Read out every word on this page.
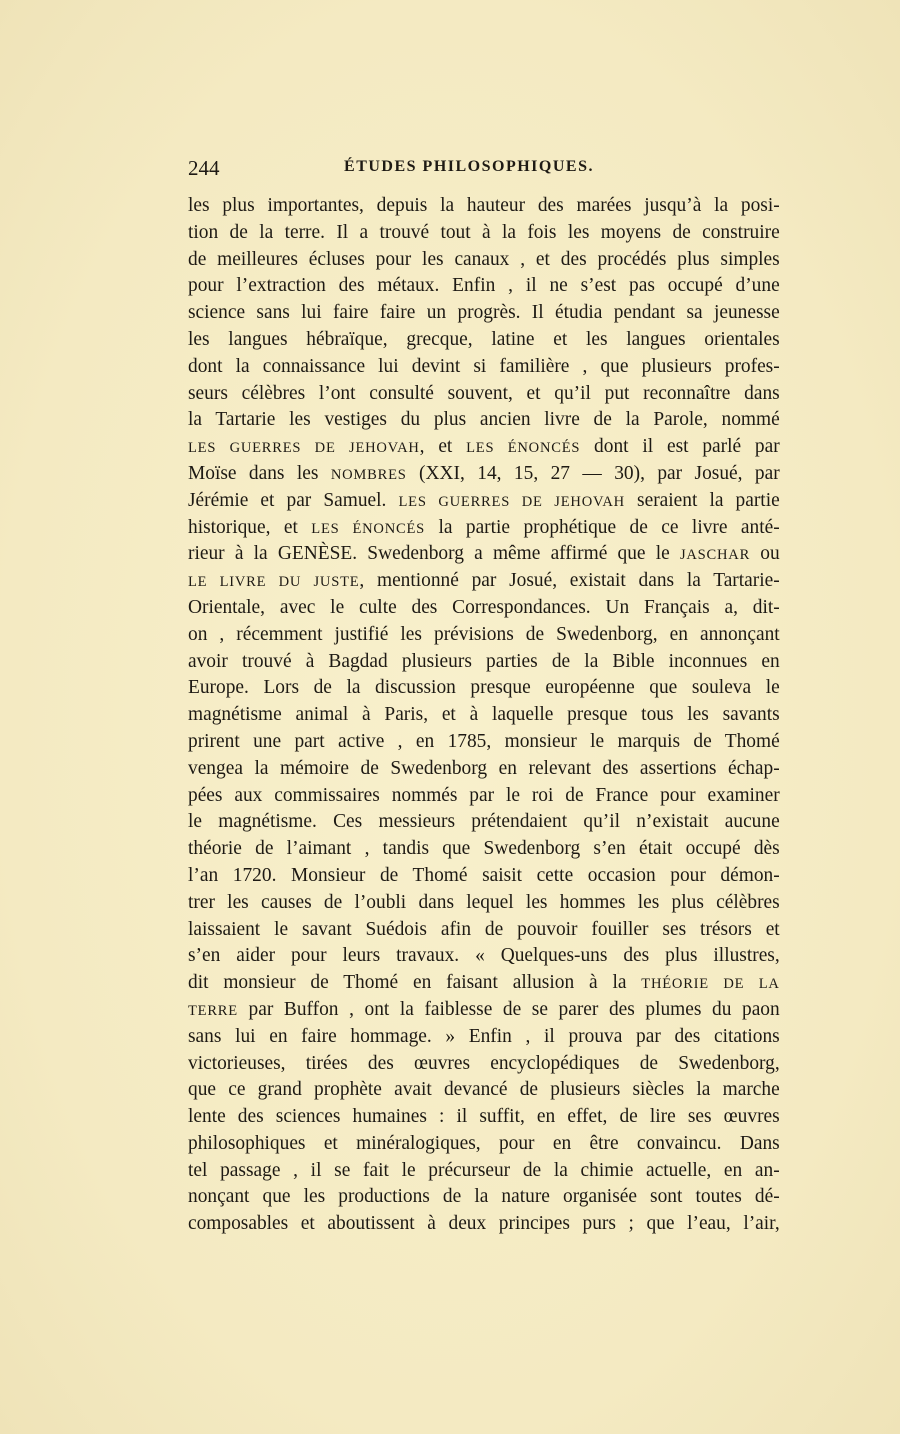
244	ÉTUDES PHILOSOPHIQUES.
les plus importantes, depuis la hauteur des marées jusqu’à la posi-
tion de la terre. Il a trouvé tout à la fois les moyens de construire
de meilleures écluses pour les canaux , et des procédés plus simples
pour l’extraction des métaux. Enfin , il ne s’est pas occupé d’une
science sans lui faire faire un progrès. Il étudia pendant sa jeunesse
les langues hébraïque, grecque, latine et les langues orientales
dont la connaissance lui devint si familière , que plusieurs profes-
seurs célèbres l’ont consulté souvent, et qu’il put reconnaître dans
la Tartarie les vestiges du plus ancien livre de la Parole, nommé
LES GUERRES DE JEHOVAH, et LES ÉNONCÉS dont il est parlé par
Moïse dans les NOMBRES (XXI, 14, 15, 27 — 30), par Josué, par
Jérémie et par Samuel. LES GUERRES DE JEHOVAH seraient la partie
historique, et LES ÉNONCÉS la partie prophétique de ce livre anté-
rieur à la GENÈSE. Swedenborg a même affirmé que le JASCHAR ou
LE LIVRE DU JUSTE, mentionné par Josué, existait dans la Tartarie-
Orientale, avec le culte des Correspondances. Un Français a, dit-
on , récemment justifié les prévisions de Swedenborg, en annonçant
avoir trouvé à Bagdad plusieurs parties de la Bible inconnues en
Europe. Lors de la discussion presque européenne que souleva le
magnétisme animal à Paris, et à laquelle presque tous les savants
prirent une part active , en 1785, monsieur le marquis de Thomé
vengea la mémoire de Swedenborg en relevant des assertions échap-
pées aux commissaires nommés par le roi de France pour examiner
le magnétisme. Ces messieurs prétendaient qu’il n’existait aucune
théorie de l’aimant , tandis que Swedenborg s’en était occupé dès
l’an 1720. Monsieur de Thomé saisit cette occasion pour démon-
trer les causes de l’oubli dans lequel les hommes les plus célèbres
laissaient le savant Suédois afin de pouvoir fouiller ses trésors et
s’en aider pour leurs travaux. « Quelques-uns des plus illustres,
dit monsieur de Thomé en faisant allusion à la THÉORIE DE LA
TERRE par Buffon , ont la faiblesse de se parer des plumes du paon
sans lui en faire hommage. » Enfin , il prouva par des citations
victorieuses, tirées des œuvres encyclopédiques de Swedenborg,
que ce grand prophète avait devancé de plusieurs siècles la marche
lente des sciences humaines : il suffit, en effet, de lire ses œuvres
philosophiques et minéralogiques, pour en être convaincu. Dans
tel passage , il se fait le précurseur de la chimie actuelle, en an-
nonçant que les productions de la nature organisée sont toutes dé-
composables et aboutissent à deux principes purs ; que l’eau, l’air,
